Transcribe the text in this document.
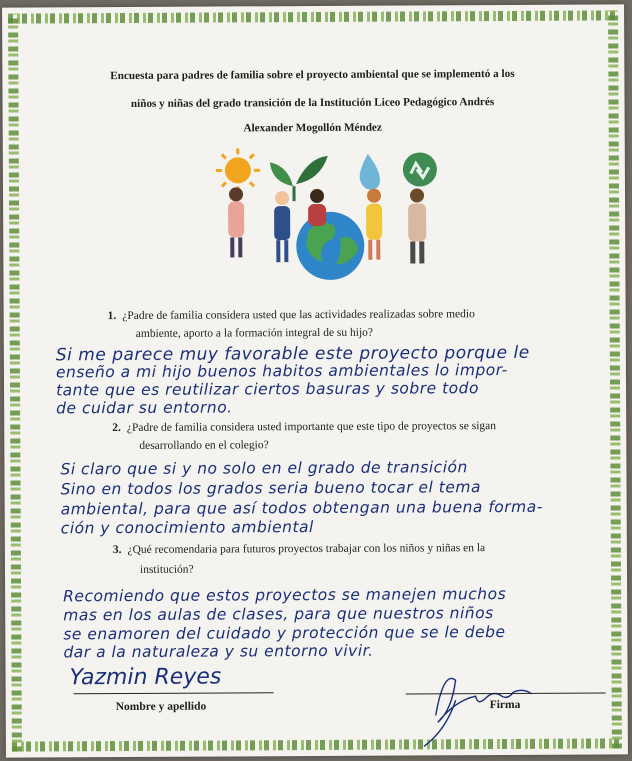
Encuesta para padres de familia sobre el proyecto ambiental que se implementó a los
niños y niñas del grado transición de la Institución Liceo Pedagógico Andrés
Alexander Mogollón Méndez
1. ¿Padre de familia considera usted que las actividades realizadas sobre medio
ambiente, aporto a la formación integral de su hijo?
Si me parece muy favorable este proyecto porque le
enseño a mi hijo buenos habitos ambientales lo impor-
tante que es reutilizar ciertos basuras y sobre todo
de cuidar su entorno.
2. ¿Padre de familia considera usted importante que este tipo de proyectos se sigan
desarrollando en el colegio?
Si claro que si y no solo en el grado de transición
Sino en todos los grados seria bueno tocar el tema
ambiental, para que así todos obtengan una buena forma-
ción y conocimiento ambiental
3. ¿Qué recomendaria para futuros proyectos trabajar con los niños y niñas en la
institución?
Recomiendo que estos proyectos se manejen muchos
mas en los aulas de clases, para que nuestros niños
se enamoren del cuidado y protección que se le debe
dar a la naturaleza y su entorno vivir.
Yazmin Reyes
Nombre y apellido	Firma
